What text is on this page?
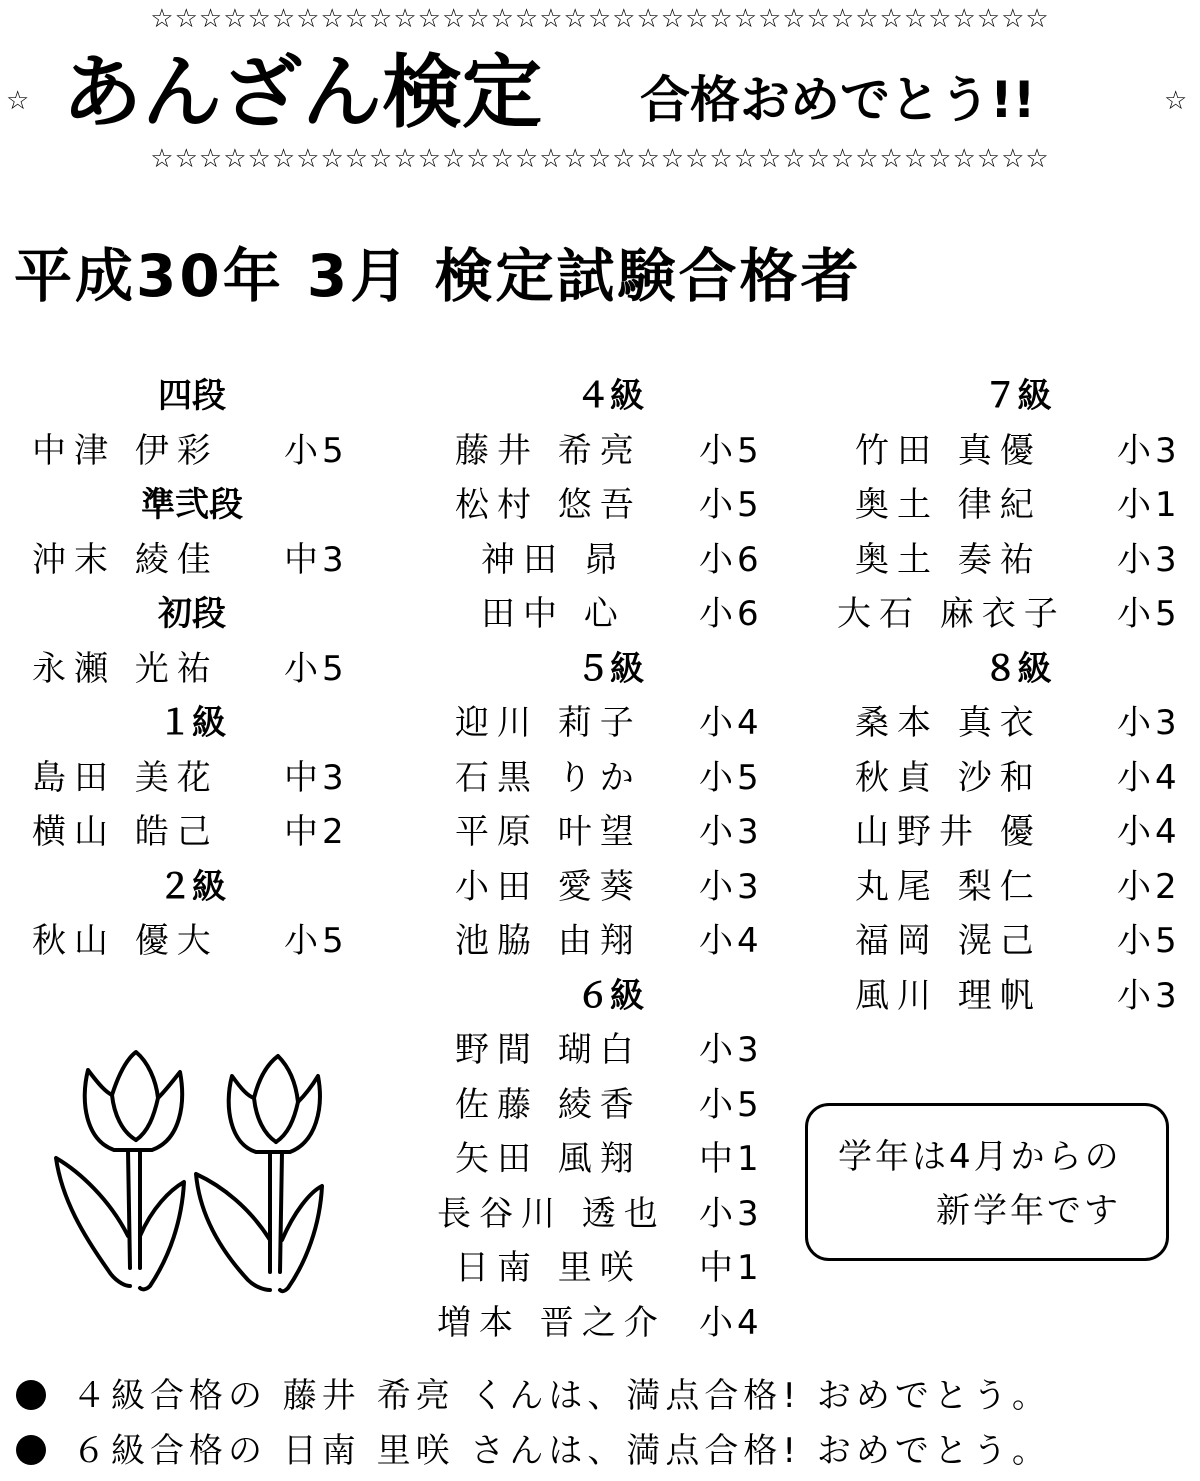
☆☆☆☆☆☆☆☆☆☆☆☆☆☆☆☆☆☆☆☆☆☆☆☆☆☆☆☆☆☆☆☆☆☆☆☆☆
☆	☆
あんざん検定 合格おめでとう!!
☆☆☆☆☆☆☆☆☆☆☆☆☆☆☆☆☆☆☆☆☆☆☆☆☆☆☆☆☆☆☆☆☆☆☆☆☆
平成30年 3月 検定試験合格者
四段
中津 伊彩 小5
準弐段
沖末 綾佳 中3
初段
永瀬 光祐 小5
１級
島田 美花 中3
横山 皓己 中2
２級
秋山 優大 小5
４級
藤井 希亮 小5
松村 悠吾 小5
神田 昴 小6
田中 心 小6
５級
迎川 莉子 小4
石黒 りか 小5
平原 叶望 小3
小田 愛葵 小3
池脇 由翔 小4
６級
野間 瑚白 小3
佐藤 綾香 小5
矢田 風翔 中1
長谷川 透也 小3
日南 里咲 中1
増本 晋之介 小4
７級
竹田 真優 小3
奥土 律紀 小1
奥土 奏祐 小3
大石 麻衣子 小5
８級
桑本 真衣 小3
秋貞 沙和 小4
山野井 優 小4
丸尾 梨仁 小2
福岡 滉己 小5
風川 理帆 小3
学年は4月からの
新学年です
４級合格の 藤井 希亮 くんは、満点合格! おめでとう。
６級合格の 日南 里咲 さんは、満点合格! おめでとう。
